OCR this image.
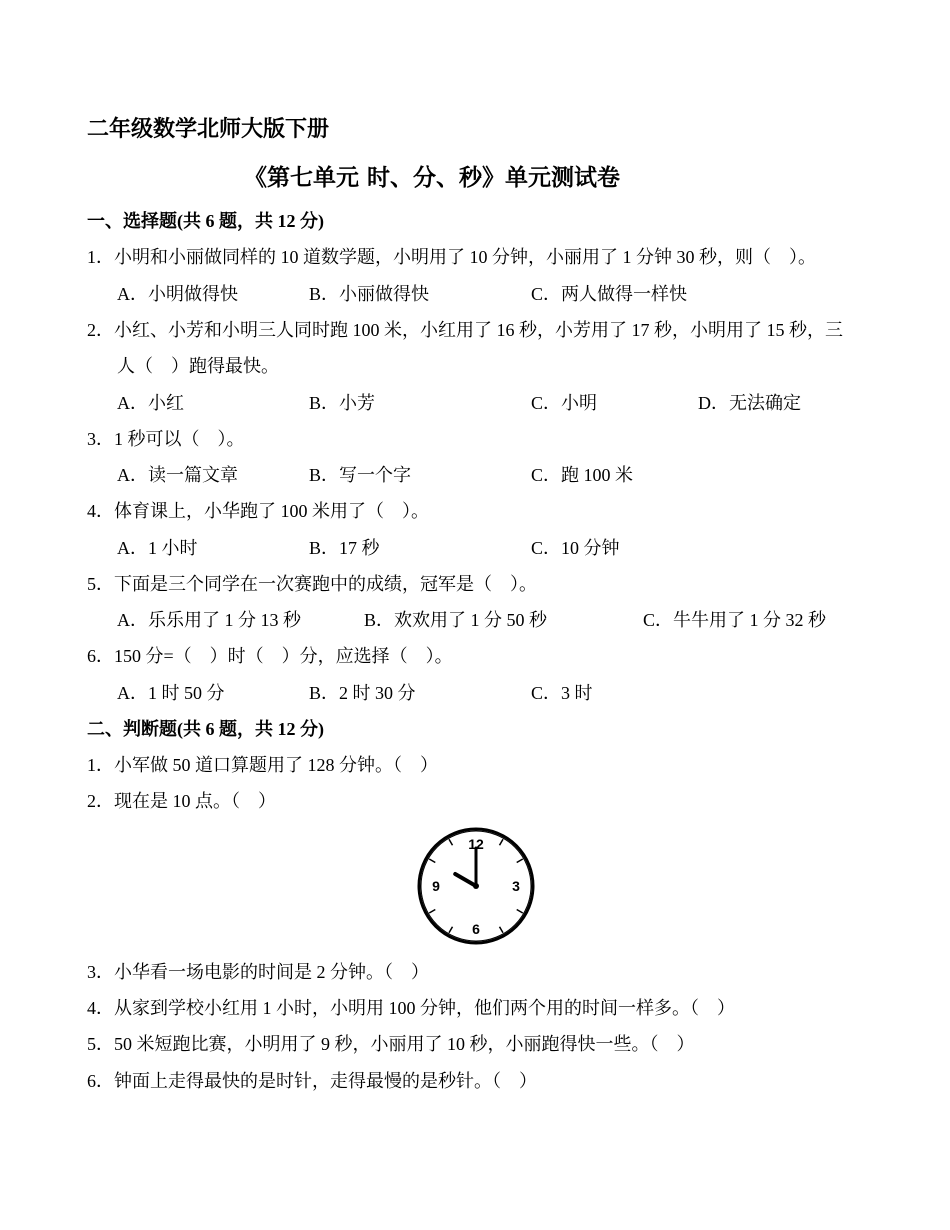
二年级数学北师大版下册
《第七单元 时、分、秒》单元测试卷
一、选择题(共 6 题，共 12 分)
1．小明和小丽做同样的 10 道数学题，小明用了 10 分钟，小丽用了 1 分钟 30 秒，则（　）。
A．小明做得快	B．小丽做得快	C．两人做得一样快
2．小红、小芳和小明三人同时跑 100 米，小红用了 16 秒，小芳用了 17 秒，小明用了 15 秒，三
人（　）跑得最快。
A．小红	B．小芳	C．小明	D．无法确定
3．1 秒可以（　）。
A．读一篇文章	B．写一个字	C．跑 100 米
4．体育课上，小华跑了 100 米用了（　）。
A．1 小时	B．17 秒	C．10 分钟
5．下面是三个同学在一次赛跑中的成绩，冠军是（　）。
A．乐乐用了 1 分 13 秒	B．欢欢用了 1 分 50 秒	C．牛牛用了 1 分 32 秒
6．150 分=（　）时（　）分，应选择（　）。
A．1 时 50 分	B．2 时 30 分	C．3 时
二、判断题(共 6 题，共 12 分)
1．小军做 50 道口算题用了 128 分钟。（　）
2．现在是 10 点。（　）
12
3
6
9
3．小华看一场电影的时间是 2 分钟。（　）
4．从家到学校小红用 1 小时，小明用 100 分钟，他们两个用的时间一样多。（　）
5．50 米短跑比赛，小明用了 9 秒，小丽用了 10 秒，小丽跑得快一些。（　）
6．钟面上走得最快的是时针，走得最慢的是秒针。（　）
